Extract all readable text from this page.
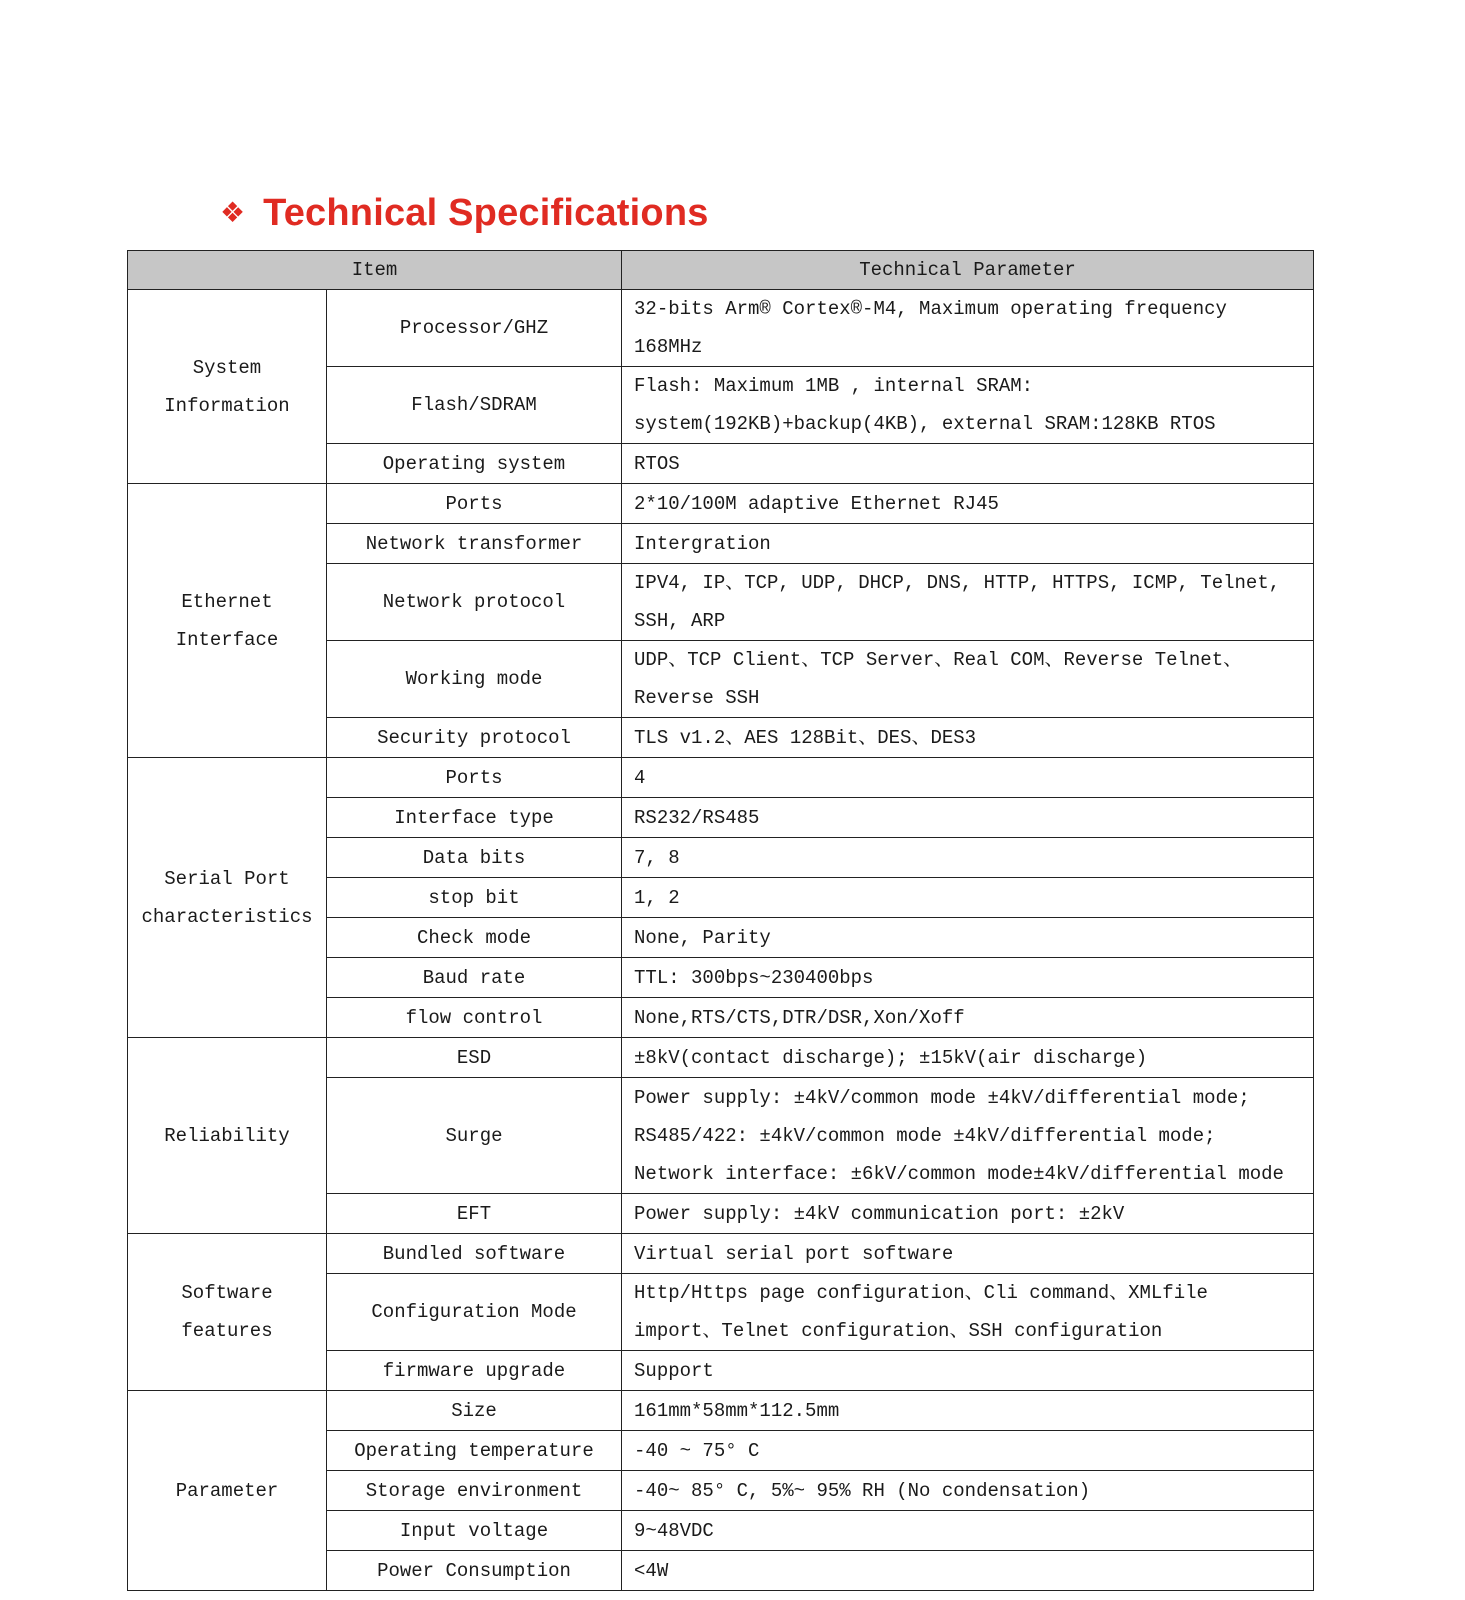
❖ Technical Specifications
Item		Technical Parameter
System
Information	Processor/GHZ	32-bits Arm® Cortex®-M4, Maximum operating frequency 168MHz
	Flash/SDRAM	Flash: Maximum 1MB , internal SRAM: system(192KB)+backup(4KB), external SRAM:128KB RTOS
	Operating system	RTOS
Ethernet
Interface	Ports	2*10/100M adaptive Ethernet RJ45
	Network transformer	Intergration
	Network protocol	IPV4, IP、TCP, UDP, DHCP, DNS, HTTP, HTTPS, ICMP, Telnet, SSH, ARP
	Working mode	UDP、TCP Client、TCP Server、Real COM、Reverse Telnet、Reverse SSH
	Security protocol	TLS v1.2、AES 128Bit、DES、DES3
Serial Port
characteristics	Ports	4
	Interface type	RS232/RS485
	Data bits	7, 8
	stop bit	1, 2
	Check mode	None, Parity
	Baud rate	TTL: 300bps~230400bps
	flow control	None,RTS/CTS,DTR/DSR,Xon/Xoff
Reliability	ESD	±8kV(contact discharge); ±15kV(air discharge)
	Surge	Power supply: ±4kV/common mode ±4kV/differential mode; RS485/422: ±4kV/common mode ±4kV/differential mode; Network interface: ±6kV/common mode±4kV/differential mode
	EFT	Power supply: ±4kV communication port: ±2kV
Software
features	Bundled software	Virtual serial port software
	Configuration Mode	Http/Https page configuration、Cli command、XMLfile import、Telnet configuration、SSH configuration
	firmware upgrade	Support
Parameter	Size	161mm*58mm*112.5mm
	Operating temperature	-40 ~ 75° C
	Storage environment	-40~ 85° C, 5%~ 95% RH (No condensation)
	Input voltage	9~48VDC
	Power Consumption	<4W
